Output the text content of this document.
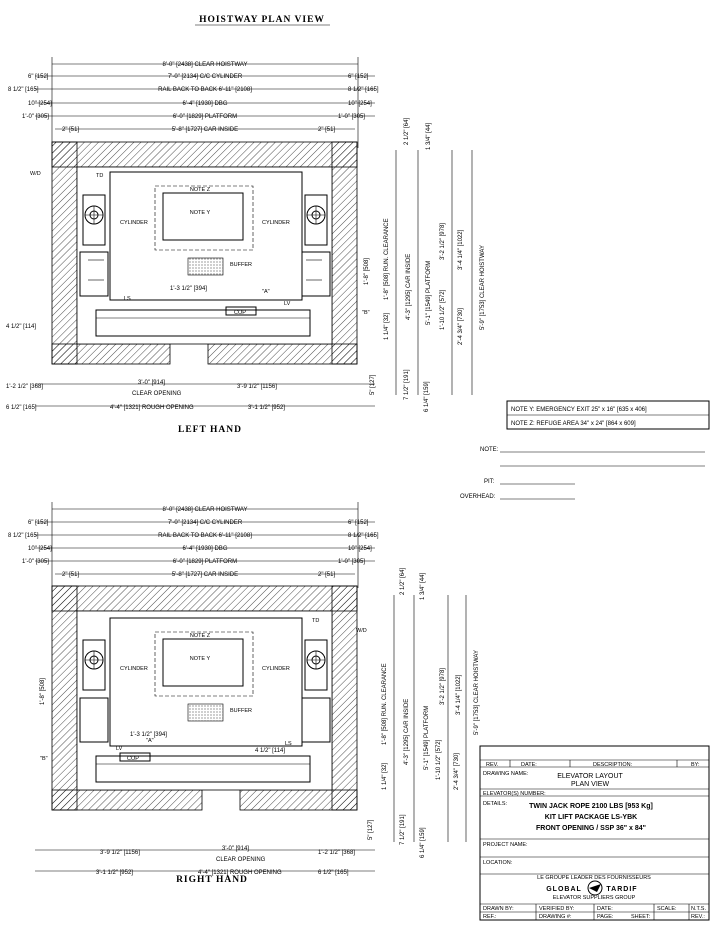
HOISTWAY PLAN VIEW
8'-0" [2438] CLEAR HOISTWAY
6" [152]	7'-0" [2134] C/C CYLINDER	6" [152]
8 1/2" [165]	RAIL BACK TO BACK 6'-11" [2108]	8 1/2" [165]
10" [254]	6'-4" [1930] DBG	10" [254]
1'-0" [305]	6'-0" [1829] PLATFORM	1'-0" [305]
2" [51]	5'-8" [1727] CAR INSIDE	2" [51]
NOTE Z
NOTE Y
CYLINDER	CYLINDER
BUFFER
COP
LS
LV
W/D	TD
1'-3 1/2" [394]	"A"
"B"
4 1/2" [114]
1'-8" [508] RUN. CLEARANCE	4'-3" [1295] CAR INSIDE 5'-1" [1549] PLATFORM
3'-2 1/2" [978] 3'-4 1/4" [1022]	5'-9" [1753] CLEAR HOISTWAY
1'-10 1/2" [572] 2'-4 3/4" [730]
2 1/2" [64]	1 3/4" [44]
1'-8" [508]
1 1/4" [32]
5" [127]	7 1/2" [191] 6 1/4" [159]
1'-2 1/2" [368]
3'-0" [914]
CLEAR OPENING
3'-9 1/2" [1156]
6 1/2" [165]	4'-4" [1321] ROUGH OPENING	3'-1 1/2" [952]
LEFT HAND
NOTE Y: EMERGENCY EXIT 25" x 16" [635 x 406]
NOTE Z: REFUGE AREA 34" x 24" [864 x 609]
NOTE:
PIT:
OVERHEAD:
8'-0" [2438] CLEAR HOISTWAY
6" [152]	7'-0" [2134] C/C CYLINDER	6" [152]
8 1/2" [165]	RAIL BACK TO BACK 6'-11" [2108]	8 1/2" [165]
10" [254]	6'-4" [1930] DBG	10" [254]
1'-0" [305]	6'-0" [1829] PLATFORM	1'-0" [305]
2" [51]	5'-8" [1727] CAR INSIDE	2" [51]
NOTE Z
NOTE Y
CYLINDER	CYLINDER
BUFFER
COP
LS
LV
W/D
TD
1'-3 1/2" [394]
"A"
"B"
4 1/2" [114]
1'-8" [508]	1'-8" [508] RUN. CLEARANCE	4'-3" [1295] CAR INSIDE 5'-1" [1549] PLATFORM
3'-2 1/2" [978] 3'-4 1/4" [1022] 5'-9" [1753] CLEAR HOISTWAY
1'-10 1/2" [572] 2'-4 3/4" [730]
2 1/2" [64] 1 3/4" [44]
1 1/4" [32]
5" [127]	7 1/2" [191] 6 1/4" [159]
3'-9 1/2" [1156]
3'-0" [914]
CLEAR OPENING
1'-2 1/2" [368]
3'-1 1/2" [952]	4'-4" [1321] ROUGH OPENING	6 1/2" [165]
RIGHT HAND
REV.	DATE:	DESCRIPTION:	BY:
DRAWING NAME:	ELEVATOR LAYOUT
PLAN VIEW
ELEVATOR(S) NUMBER:
DETAILS:	TWIN JACK ROPE 2100 LBS [953 Kg]
KIT LIFT PACKAGE LS-YBK
FRONT OPENING / SSP 36" x 84"
PROJECT NAME:
LOCATION:
LE GROUPE LEADER DES FOURNISSEURS
GLOBAL	TARDIF
ELEVATOR SUPPLIERS GROUP
DRAWN BY:	VERIFIED BY:	DATE:	SCALE:	N.T.S.
REF.:	DRAWING #:	PAGE:	SHEET:	REV.:
